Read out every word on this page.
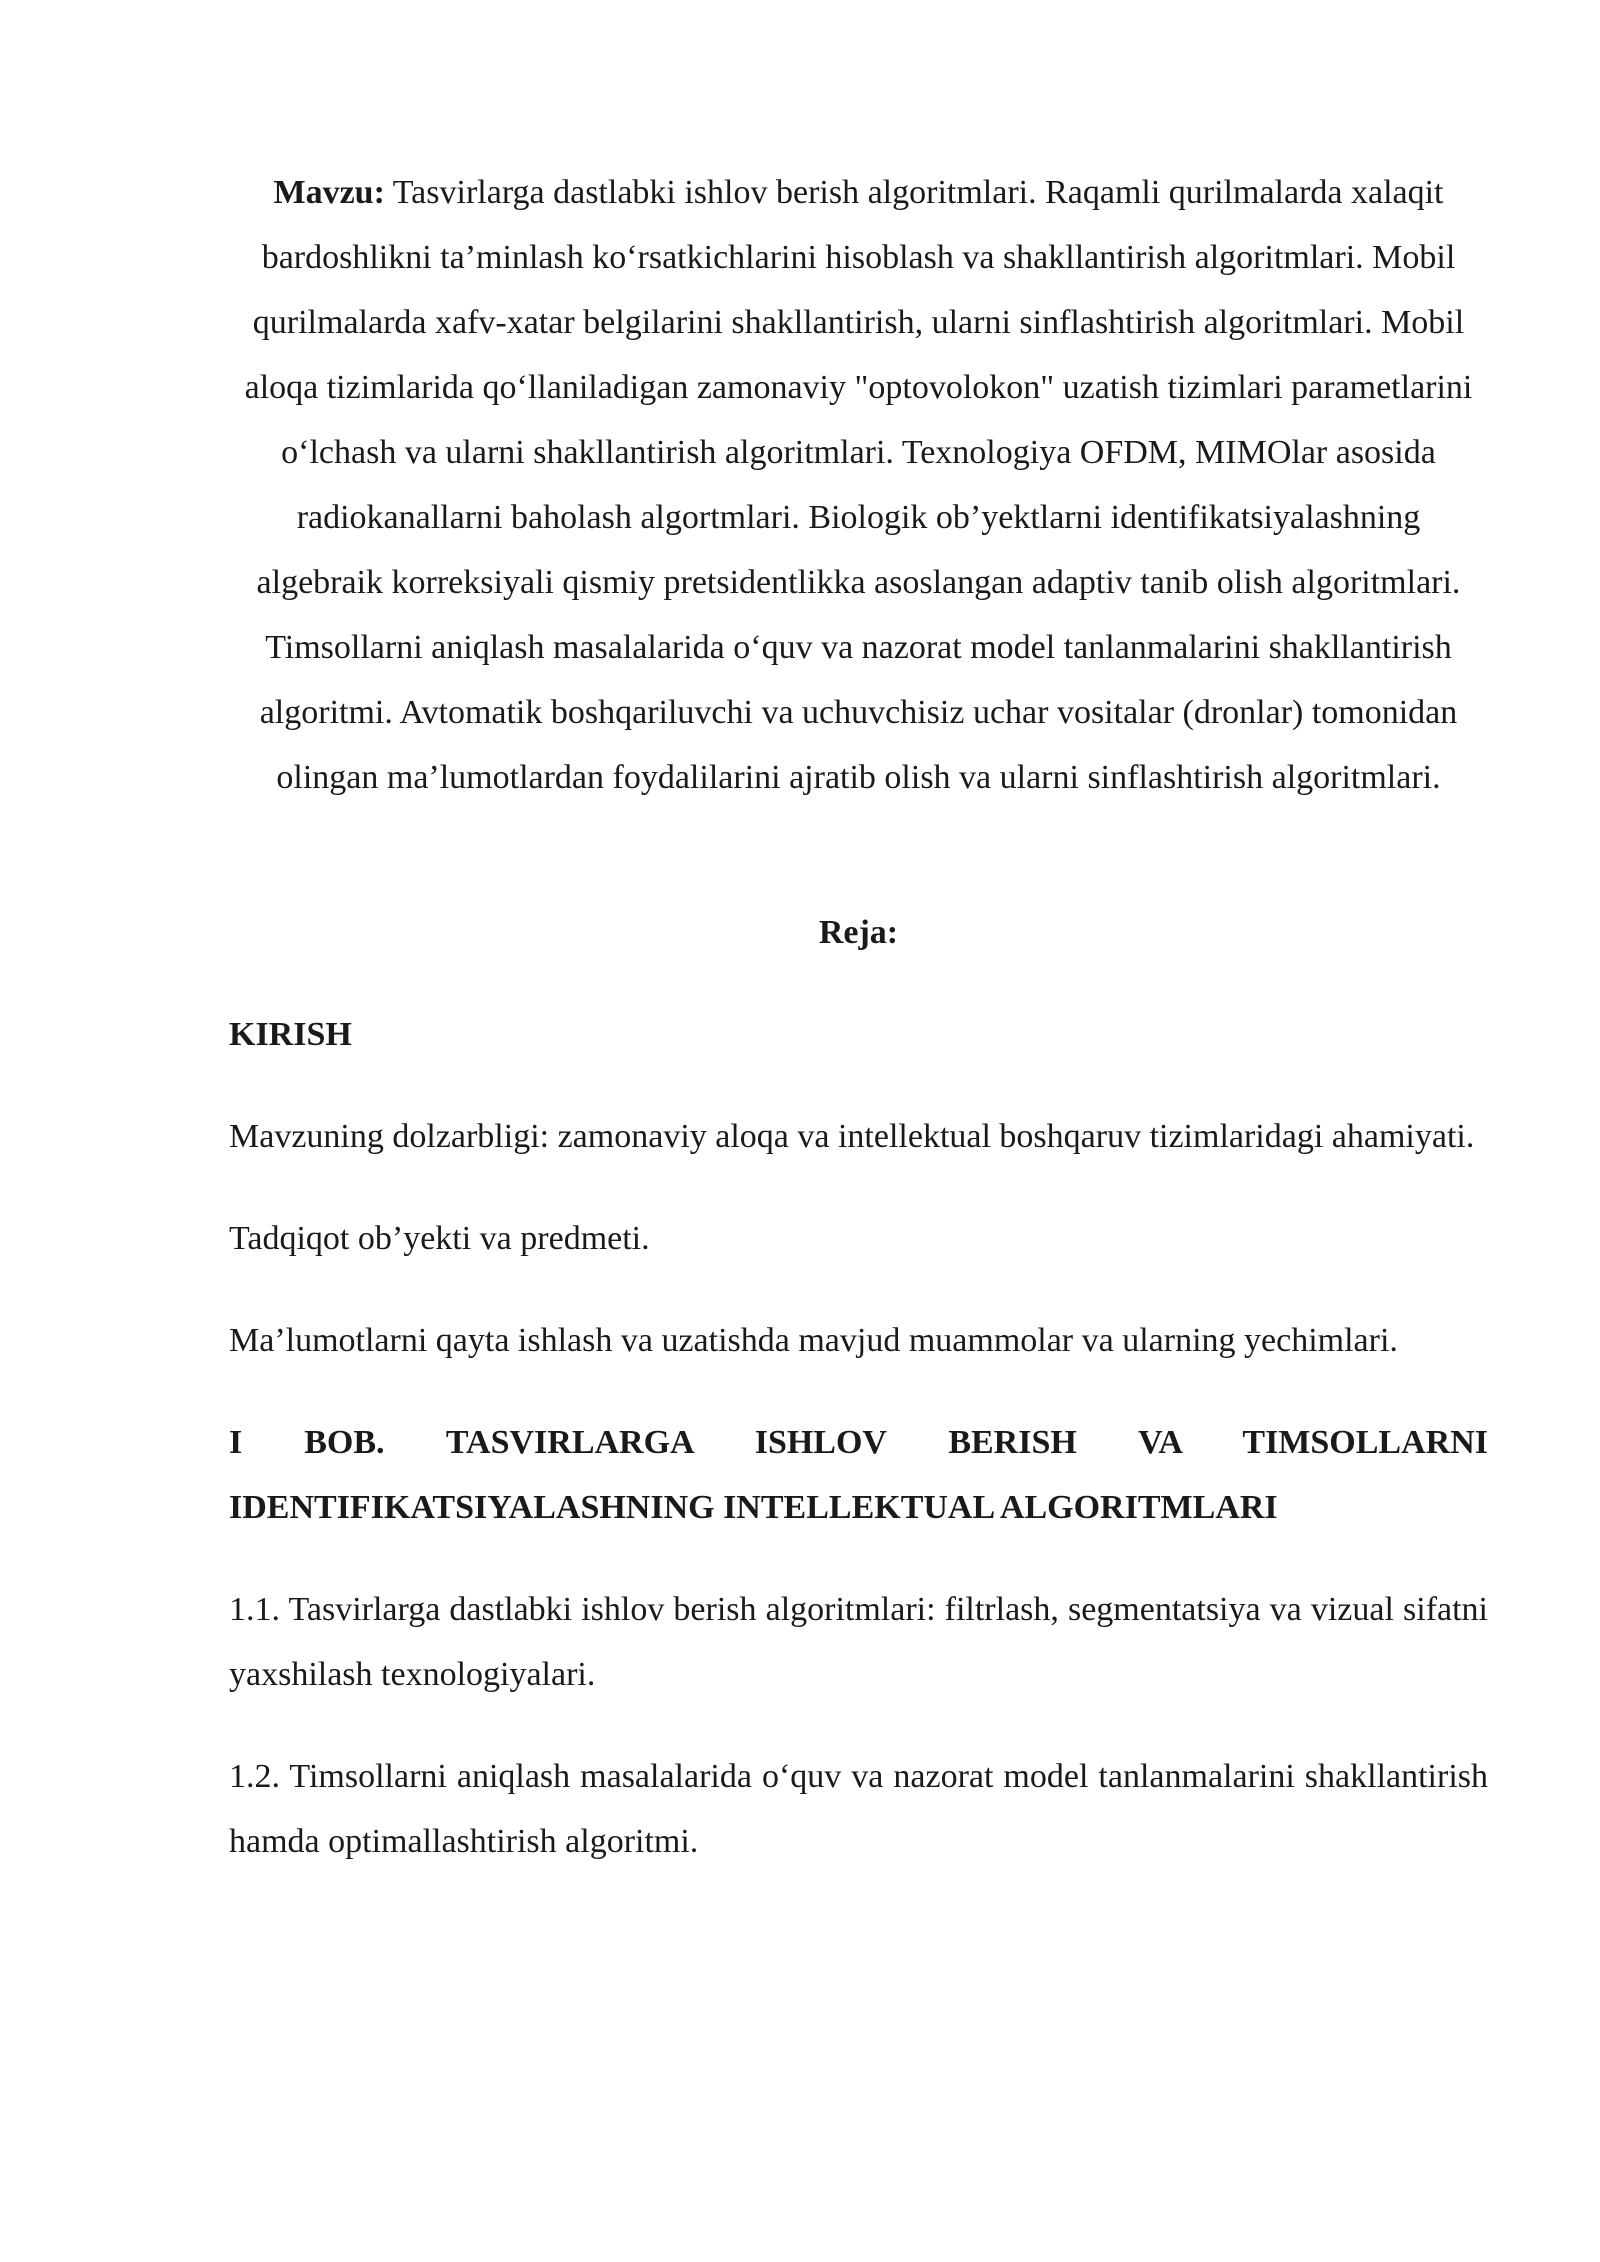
Mavzu: Tasvirlarga dastlabki ishlov berish algoritmlari. Raqamli qurilmalarda xalaqit bardoshlikni ta’minlash ko‘rsatkichlarini hisoblash va shakllantirish algoritmlari. Mobil qurilmalarda xafv-xatar belgilarini shakllantirish, ularni sinflashtirish algoritmlari. Mobil aloqa tizimlarida qo‘llaniladigan zamonaviy "optovolokon" uzatish tizimlari parametlarini o‘lchash va ularni shakllantirish algoritmlari. Texnologiya OFDM, MIMOlar asosida radiokanallarni baholash algortmlari. Biologik ob’yektlarni identifikatsiyalashning algebraik korreksiyali qismiy pretsidentlikka asoslangan adaptiv tanib olish algoritmlari. Timsollarni aniqlash masalalarida o‘quv va nazorat model tanlanmalarini shakllantirish algoritmi. Avtomatik boshqariluvchi va uchuvchisiz uchar vositalar (dronlar) tomonidan olingan ma’lumotlardan foydalilarini ajratib olish va ularni sinflashtirish algoritmlari.
Reja:
KIRISH
Mavzuning dolzarbligi: zamonaviy aloqa va intellektual boshqaruv tizimlaridagi ahamiyati.
Tadqiqot ob’yekti va predmeti.
Ma’lumotlarni qayta ishlash va uzatishda mavjud muammolar va ularning yechimlari.
I BOB. TASVIRLARGA ISHLOV BERISH VA TIMSOLLARNI
IDENTIFIKATSIYALASHNING INTELLEKTUAL ALGORITMLARI
1.1. Tasvirlarga dastlabki ishlov berish algoritmlari: filtrlash, segmentatsiya va vizual sifatni yaxshilash texnologiyalari.
1.2. Timsollarni aniqlash masalalarida o‘quv va nazorat model tanlanmalarini shakllantirish hamda optimallashtirish algoritmi.
